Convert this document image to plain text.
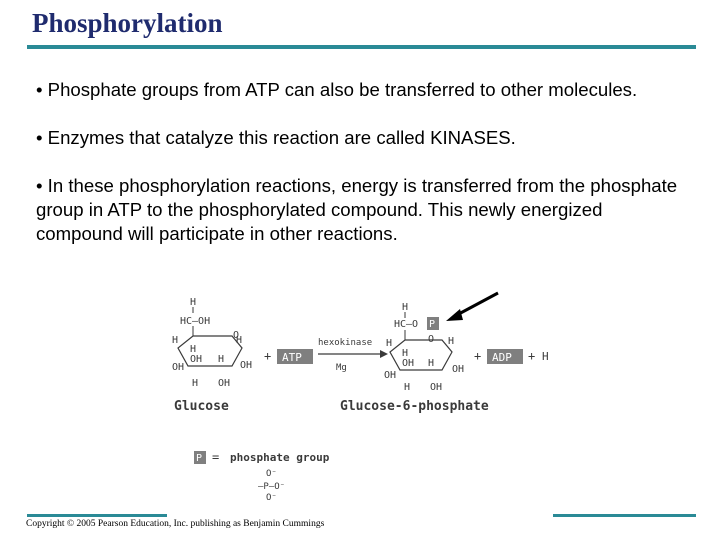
Phosphorylation

• Phosphate groups from ATP can also be transferred to other molecules.

• Enzymes that catalyze this reaction are called KINASES.

• In these phosphorylation reactions, energy is transferred from the phosphate group in ATP to the phosphorylated compound. This newly energized compound will participate in other reactions.

H
HC—OH
O
H	H
H
OH H
OH	OH
H OH
Glucose
+ ATP
hexokinase
Mg
H
HC—O P
O
H	H
H
OH H
OH
OH
H OH
Glucose-6-phosphate
+ ADP + H
P = phosphate group
O⁻
—P—O⁻
O⁻
Copyright © 2005 Pearson Education, Inc. publishing as Benjamin Cummings
